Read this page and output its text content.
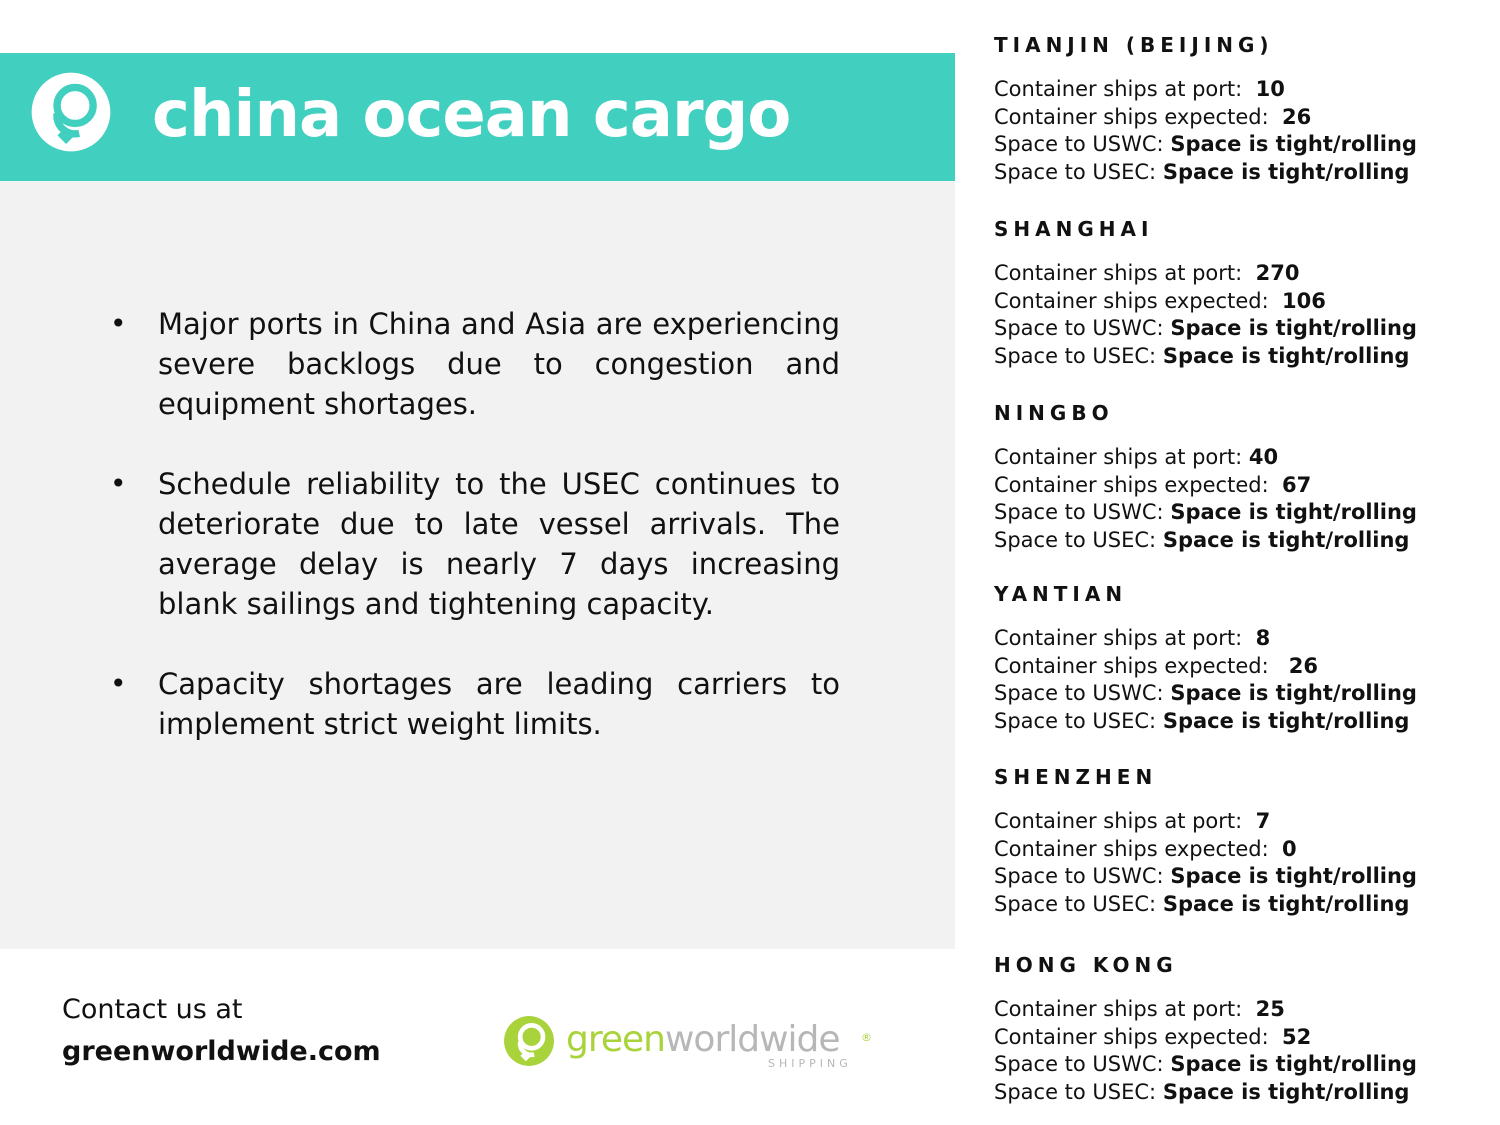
china ocean cargo
• Major ports in China and Asia are experiencing severe backlogs due to congestion and equipment shortages.
• Schedule reliability to the USEC continues to deteriorate due to late vessel arrivals. The average delay is nearly 7 days increasing blank sailings and tightening capacity.
• Capacity shortages are leading carriers to implement strict weight limits.
Contact us at
greenworldwide.com	greenworldwide ®
SHIPPING
TIANJIN (BEIJING)
Container ships at port: 10
Container ships expected: 26
Space to USWC: Space is tight/rolling
Space to USEC: Space is tight/rolling
SHANGHAI
Container ships at port: 270
Container ships expected: 106
Space to USWC: Space is tight/rolling
Space to USEC: Space is tight/rolling
NINGBO
Container ships at port: 40
Container ships expected: 67
Space to USWC: Space is tight/rolling
Space to USEC: Space is tight/rolling
YANTIAN
Container ships at port: 8
Container ships expected: 26
Space to USWC: Space is tight/rolling
Space to USEC: Space is tight/rolling
SHENZHEN
Container ships at port: 7
Container ships expected: 0
Space to USWC: Space is tight/rolling
Space to USEC: Space is tight/rolling
HONG KONG
Container ships at port: 25
Container ships expected: 52
Space to USWC: Space is tight/rolling
Space to USEC: Space is tight/rolling
